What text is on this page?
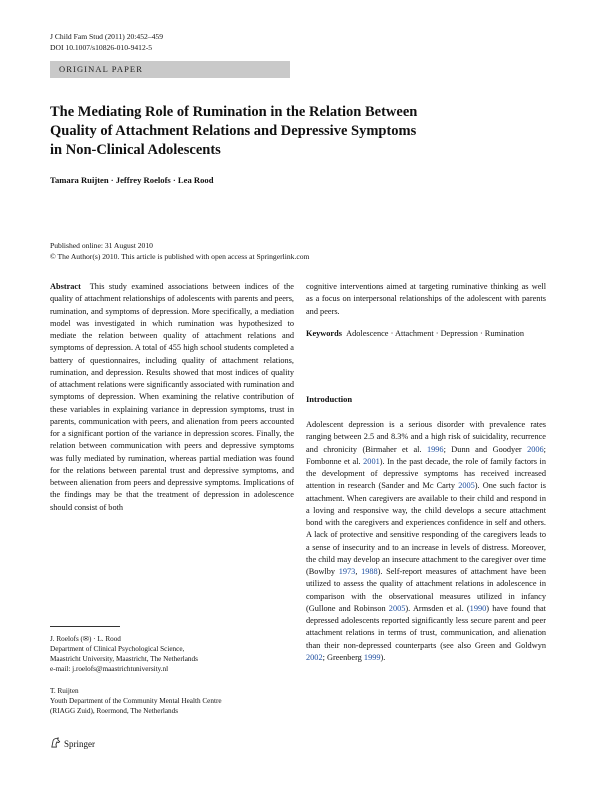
J Child Fam Stud (2011) 20:452–459
DOI 10.1007/s10826-010-9412-5
ORIGINAL PAPER
The Mediating Role of Rumination in the Relation Between
Quality of Attachment Relations and Depressive Symptoms
in Non-Clinical Adolescents
Tamara Ruijten · Jeffrey Roelofs · Lea Rood
Published online: 31 August 2010
© The Author(s) 2010. This article is published with open access at Springerlink.com

Abstract This study examined associations between indices of the quality of attachment relationships of adolescents with parents and peers, rumination, and symptoms of depression. More specifically, a mediation model was investigated in which rumination was hypothesized to mediate the relation between quality of attachment relations and symptoms of depression. A total of 455 high school students completed a battery of questionnaires, including quality of attachment relations, rumination, and depression. Results showed that most indices of quality of attachment relations were significantly associated with rumination and symptoms of depression. When examining the relative contribution of these variables in explaining variance in depression symptoms, trust in parents, communication with peers, and alienation from peers accounted for a significant portion of the variance in depression scores. Finally, the relation between communication with peers and depressive symptoms was fully mediated by rumination, whereas partial mediation was found for the relations between parental trust and depressive symptoms, and between alienation from peers and depressive symptoms. Implications of the findings may be that the treatment of depression in adolescence should consist of both

cognitive interventions aimed at targeting ruminative thinking as well as a focus on interpersonal relationships of the adolescent with parents and peers.

Keywords Adolescence · Attachment · Depression · Rumination

Introduction

Adolescent depression is a serious disorder with prevalence rates ranging between 2.5 and 8.3% and a high risk of suicidality, recurrence and chronicity (Birmaher et al. 1996; Dunn and Goodyer 2006; Fombonne et al. 2001). In the past decade, the role of family factors in the development of depressive symptoms has received increased attention in research (Sander and Mc Carty 2005). One such factor is attachment. When caregivers are available to their child and respond in a loving and responsive way, the child develops a secure attachment bond with the caregivers and experiences confidence in self and others. A lack of protective and sensitive responding of the caregivers leads to a sense of insecurity and to an increase in levels of distress. Moreover, the child may develop an insecure attachment to the caregiver over time (Bowlby 1973, 1988). Self-report measures of attachment have been utilized to assess the quality of attachment relations in adolescence in comparison with the observational measures utilized in infancy (Gullone and Robinson 2005). Armsden et al. (1990) have found that depressed adolescents reported significantly less secure parent and peer attachment relations in terms of trust, communication, and alienation than their non-depressed counterparts (see also Green and Goldwyn 2002; Greenberg 1999).

J. Roelofs (✉) · L. Rood
Department of Clinical Psychological Science,
Maastricht University, Maastricht, The Netherlands
e-mail: j.roelofs@maastrichtuniversity.nl
T. Ruijten
Youth Department of the Community Mental Health Centre
(RIAGG Zuid), Roermond, The Netherlands
Springer
